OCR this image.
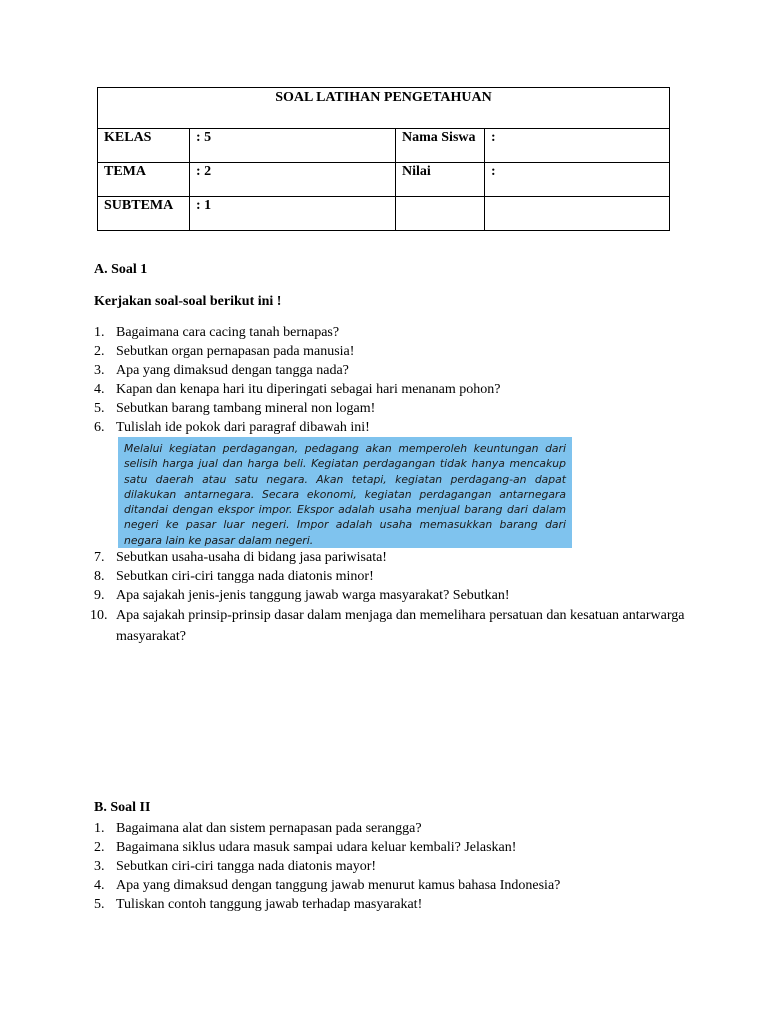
SOAL LATIHAN PENGETAHUAN			
KELAS	: 5	Nama Siswa	:
TEMA	: 2	Nilai	:
SUBTEMA	: 1		
A. Soal 1
Kerjakan soal-soal berikut ini !
1. Bagaimana cara cacing tanah bernapas?
2. Sebutkan organ pernapasan pada manusia!
3. Apa yang dimaksud dengan tangga nada?
4. Kapan dan kenapa hari itu diperingati sebagai hari menanam pohon?
5. Sebutkan barang tambang mineral non logam!
6. Tulislah ide pokok dari paragraf dibawah ini!
Melalui kegiatan perdagangan, pedagang akan memperoleh keuntungan dari selisih harga jual dan harga beli. Kegiatan perdagangan tidak hanya mencakup satu daerah atau satu negara. Akan tetapi, kegiatan perdagang-an dapat dilakukan antarnegara. Secara ekonomi, kegiatan perdagangan antarnegara ditandai dengan ekspor impor. Ekspor adalah usaha menjual barang dari dalam negeri ke pasar luar negeri. Impor adalah usaha memasukkan barang dari negara lain ke pasar dalam negeri.
7. Sebutkan usaha-usaha di bidang jasa pariwisata!
8. Sebutkan ciri-ciri tangga nada diatonis minor!
9. Apa sajakah jenis-jenis tanggung jawab warga masyarakat? Sebutkan!
10. Apa sajakah prinsip-prinsip dasar dalam menjaga dan memelihara persatuan dan kesatuan antarwarga masyarakat?
B. Soal II
1. Bagaimana alat dan sistem pernapasan pada serangga?
2. Bagaimana siklus udara masuk sampai udara keluar kembali? Jelaskan!
3. Sebutkan ciri-ciri tangga nada diatonis mayor!
4. Apa yang dimaksud dengan tanggung jawab menurut kamus bahasa Indonesia?
5. Tuliskan contoh tanggung jawab terhadap masyarakat!
